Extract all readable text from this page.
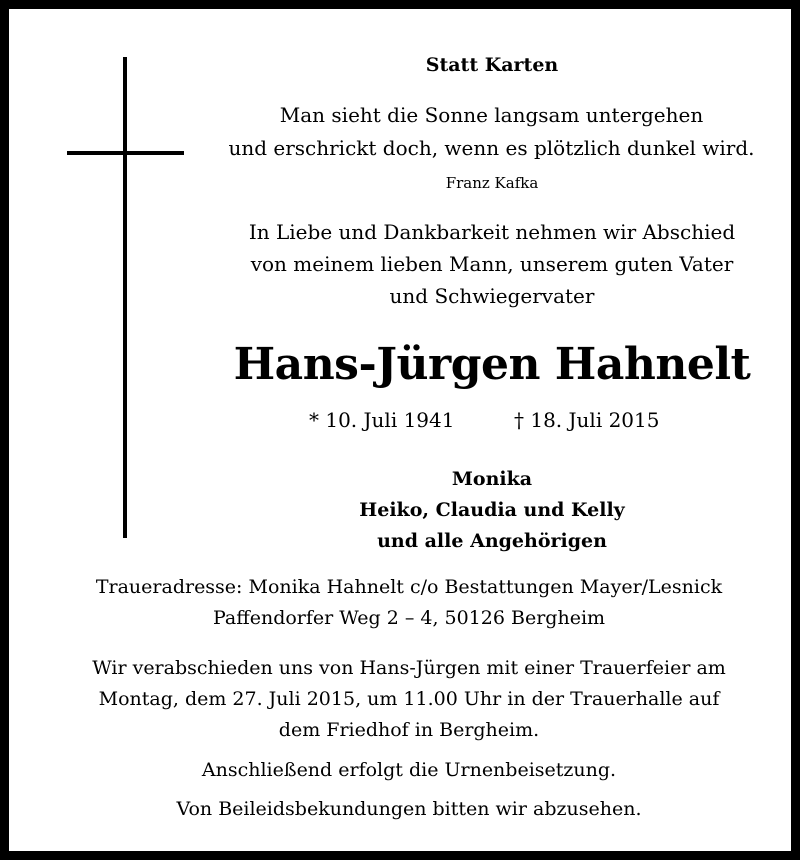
Statt Karten
Man sieht die Sonne langsam untergehen
und erschrickt doch, wenn es plötzlich dunkel wird.
Franz Kafka
In Liebe und Dankbarkeit nehmen wir Abschied
von meinem lieben Mann, unserem guten Vater
und Schwiegervater
Hans-Jürgen Hahnelt
* 10. Juli 1941	† 18. Juli 2015
Monika
Heiko, Claudia und Kelly
und alle Angehörigen
Traueradresse: Monika Hahnelt c/o Bestattungen Mayer/Lesnick
Paffendorfer Weg 2 – 4, 50126 Bergheim
Wir verabschieden uns von Hans-Jürgen mit einer Trauerfeier am
Montag, dem 27. Juli 2015, um 11.00 Uhr in der Trauerhalle auf
dem Friedhof in Bergheim.
Anschließend erfolgt die Urnenbeisetzung.
Von Beileidsbekundungen bitten wir abzusehen.
